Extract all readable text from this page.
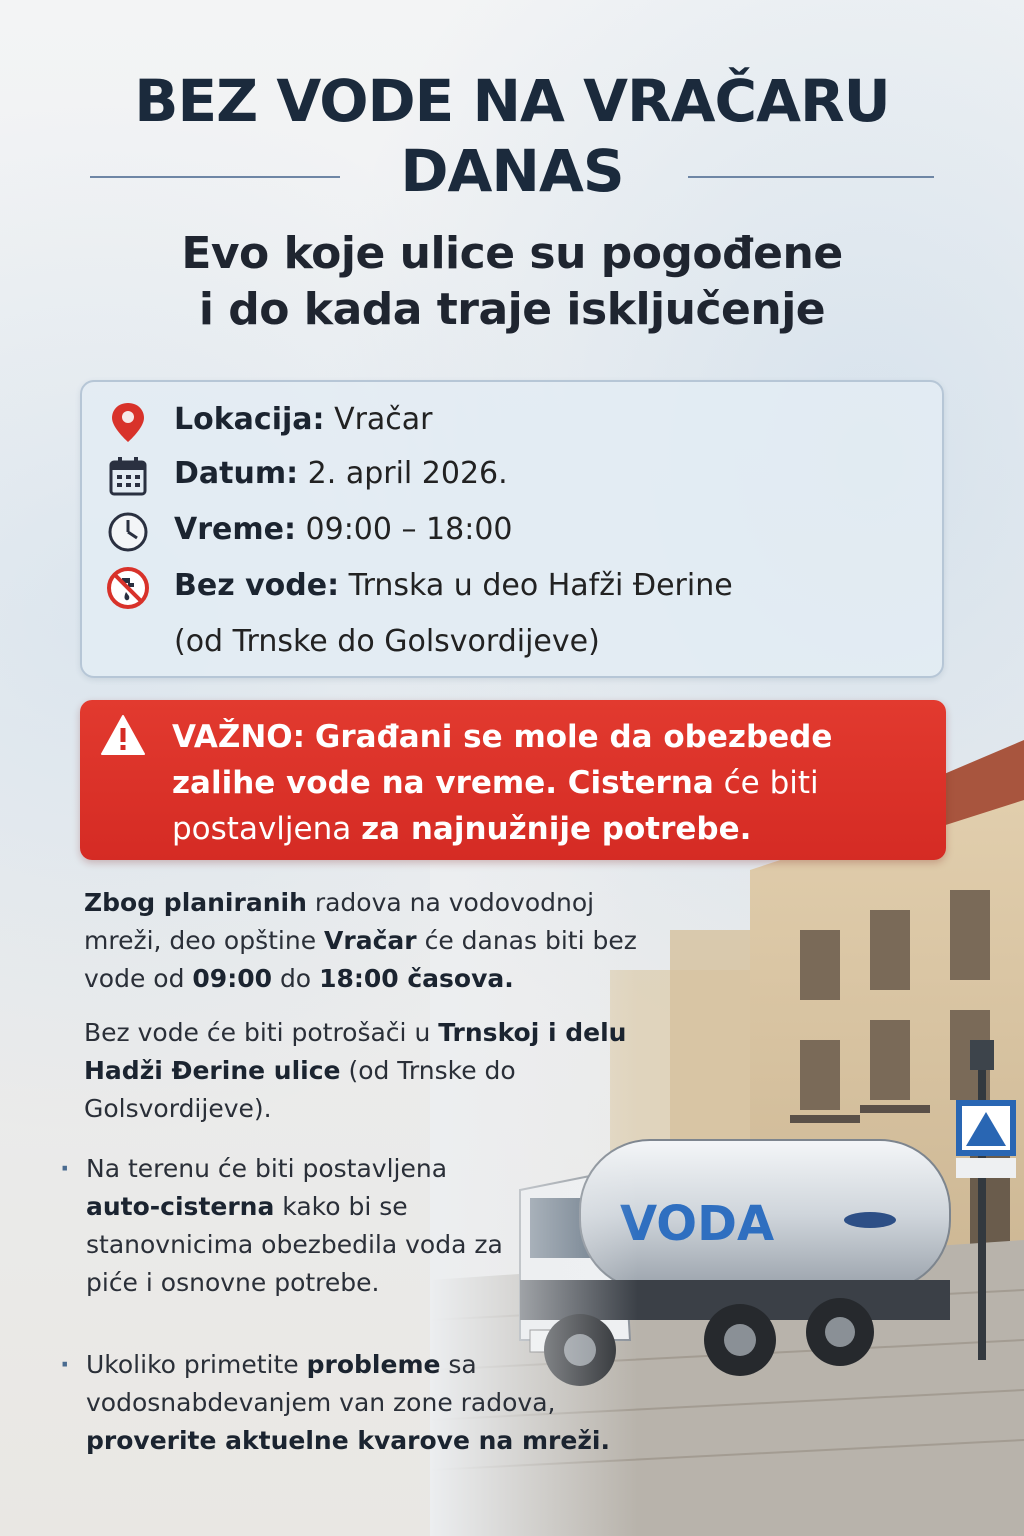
BEZ VODE NA VRAČARU
DANAS
Evo koje ulice su pogođene
i do kada traje isključenje
Lokacija: Vračar
Datum: 2. april 2026.
Vreme: 09:00 – 18:00
Bez vode: Trnska u deo Hafži Đerine
(od Trnske do Golsvordijeve)
VAŽNO: Građani se mole da obezbede zalihe vode na vreme. Cisterna će biti postavljena za najnužnije potrebe.
Zbog planiranih radova na vodovodnoj mreži, deo opštine Vračar će danas biti bez vode od 09:00 do 18:00 časova.
Bez vode će biti potrošači u Trnskoj i delu Hadži Đerine ulice (od Trnske do Golsvordijeve).
· Na terenu će biti postavljena auto-cisterna kako bi se stanovnicima obezbedila voda za piće i osnovne potrebe.
· Ukoliko primetite probleme sa vodosnabdevanjem van zone radova, proverite aktuelne kvarove na mreži.
